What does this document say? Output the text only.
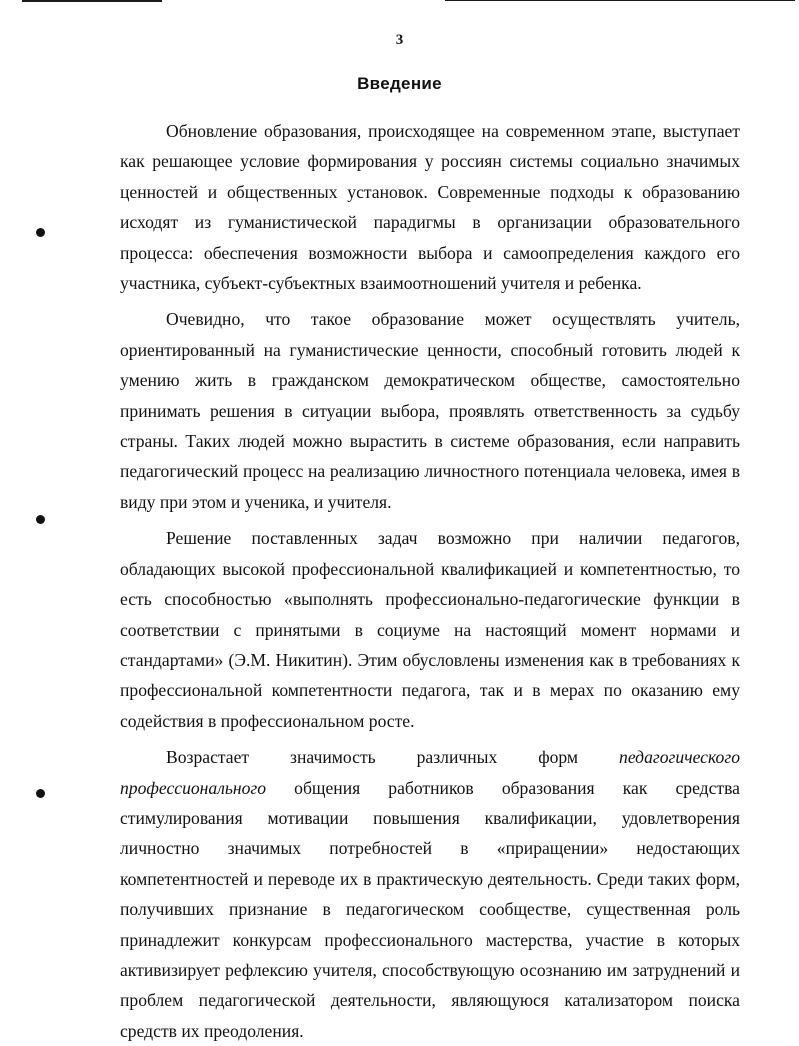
3
Введение

Обновление образования, происходящее на современном этапе, выступает как решающее условие формирования у россиян системы социально значимых ценностей и общественных установок. Современные подходы к образованию исходят из гуманистической парадигмы в организации образовательного процесса: обеспечения возможности выбора и самоопределения каждого его участника, субъект-субъектных взаимоотношений учителя и ребенка.

Очевидно, что такое образование может осуществлять учитель, ориентированный на гуманистические ценности, способный готовить людей к умению жить в гражданском демократическом обществе, самостоятельно принимать решения в ситуации выбора, проявлять ответственность за судьбу страны. Таких людей можно вырастить в системе образования, если направить педагогический процесс на реализацию личностного потенциала человека, имея в виду при этом и ученика, и учителя.

Решение поставленных задач возможно при наличии педагогов, обладающих высокой профессиональной квалификацией и компетентностью, то есть способностью «выполнять профессионально-педагогические функции в соответствии с принятыми в социуме на настоящий момент нормами и стандартами» (Э.М. Никитин). Этим обусловлены изменения как в требованиях к профессиональной компетентности педагога, так и в мерах по оказанию ему содействия в профессиональном росте.

Возрастает значимость различных форм педагогического профессионального общения работников образования как средства стимулирования мотивации повышения квалификации, удовлетворения личностно значимых потребностей в «приращении» недостающих компетентностей и переводе их в практическую деятельность. Среди таких форм, получивших признание в педагогическом сообществе, существенная роль принадлежит конкурсам профессионального мастерства, участие в которых активизирует рефлексию учителя, способствующую осознанию им затруднений и проблем педагогической деятельности, являющуюся катализатором поиска средств их преодоления.
